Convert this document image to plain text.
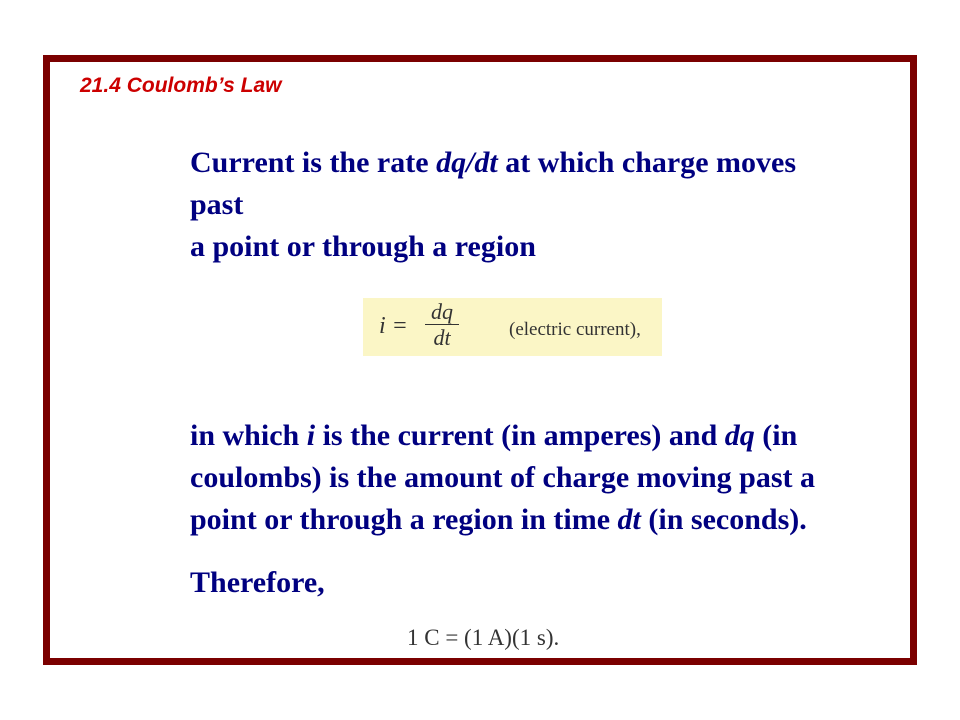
21.4 Coulomb’s Law

Current is the rate dq/dt at which charge moves
past
a point or through a region

$i = \frac{dq}{dt}$	(electric current),

in which i is the current (in amperes) and dq (in
coulombs) is the amount of charge moving past a
point or through a region in time dt (in seconds).

Therefore,

1 C = (1 A)(1 s).
